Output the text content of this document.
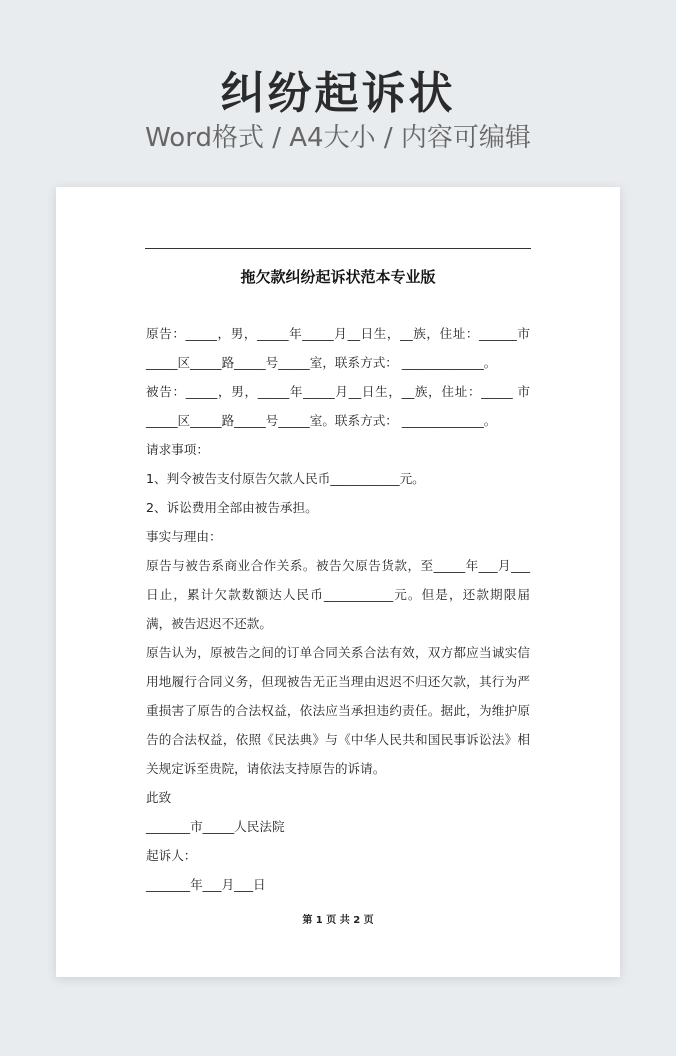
纠纷起诉状
Word格式 / A4大小 / 内容可编辑
拖欠款纠纷起诉状范本专业版

原告：_____，男，_____年_____月__日生，__族，住址：______市_____区_____路_____号_____室，联系方式： _____________。

被告：_____，男，_____年_____月__日生，__族，住址：_____ 市_____区_____路_____号_____室。联系方式： _____________。

请求事项：

1、判令被告支付原告欠款人民币___________元。

2、诉讼费用全部由被告承担。

事实与理由：

原告与被告系商业合作关系。被告欠原告货款，至_____年___月___日止，累计欠款数额达人民币___________元。但是，还款期限届满，被告迟迟不还款。

原告认为，原被告之间的订单合同关系合法有效，双方都应当诚实信用地履行合同义务，但现被告无正当理由迟迟不归还欠款，其行为严重损害了原告的合法权益，依法应当承担违约责任。据此，为维护原告的合法权益，依照《民法典》与《中华人民共和国民事诉讼法》相关规定诉至贵院，请依法支持原告的诉请。

此致

_______市_____人民法院

起诉人：

_______年___月___日

第 1 页 共 2 页
